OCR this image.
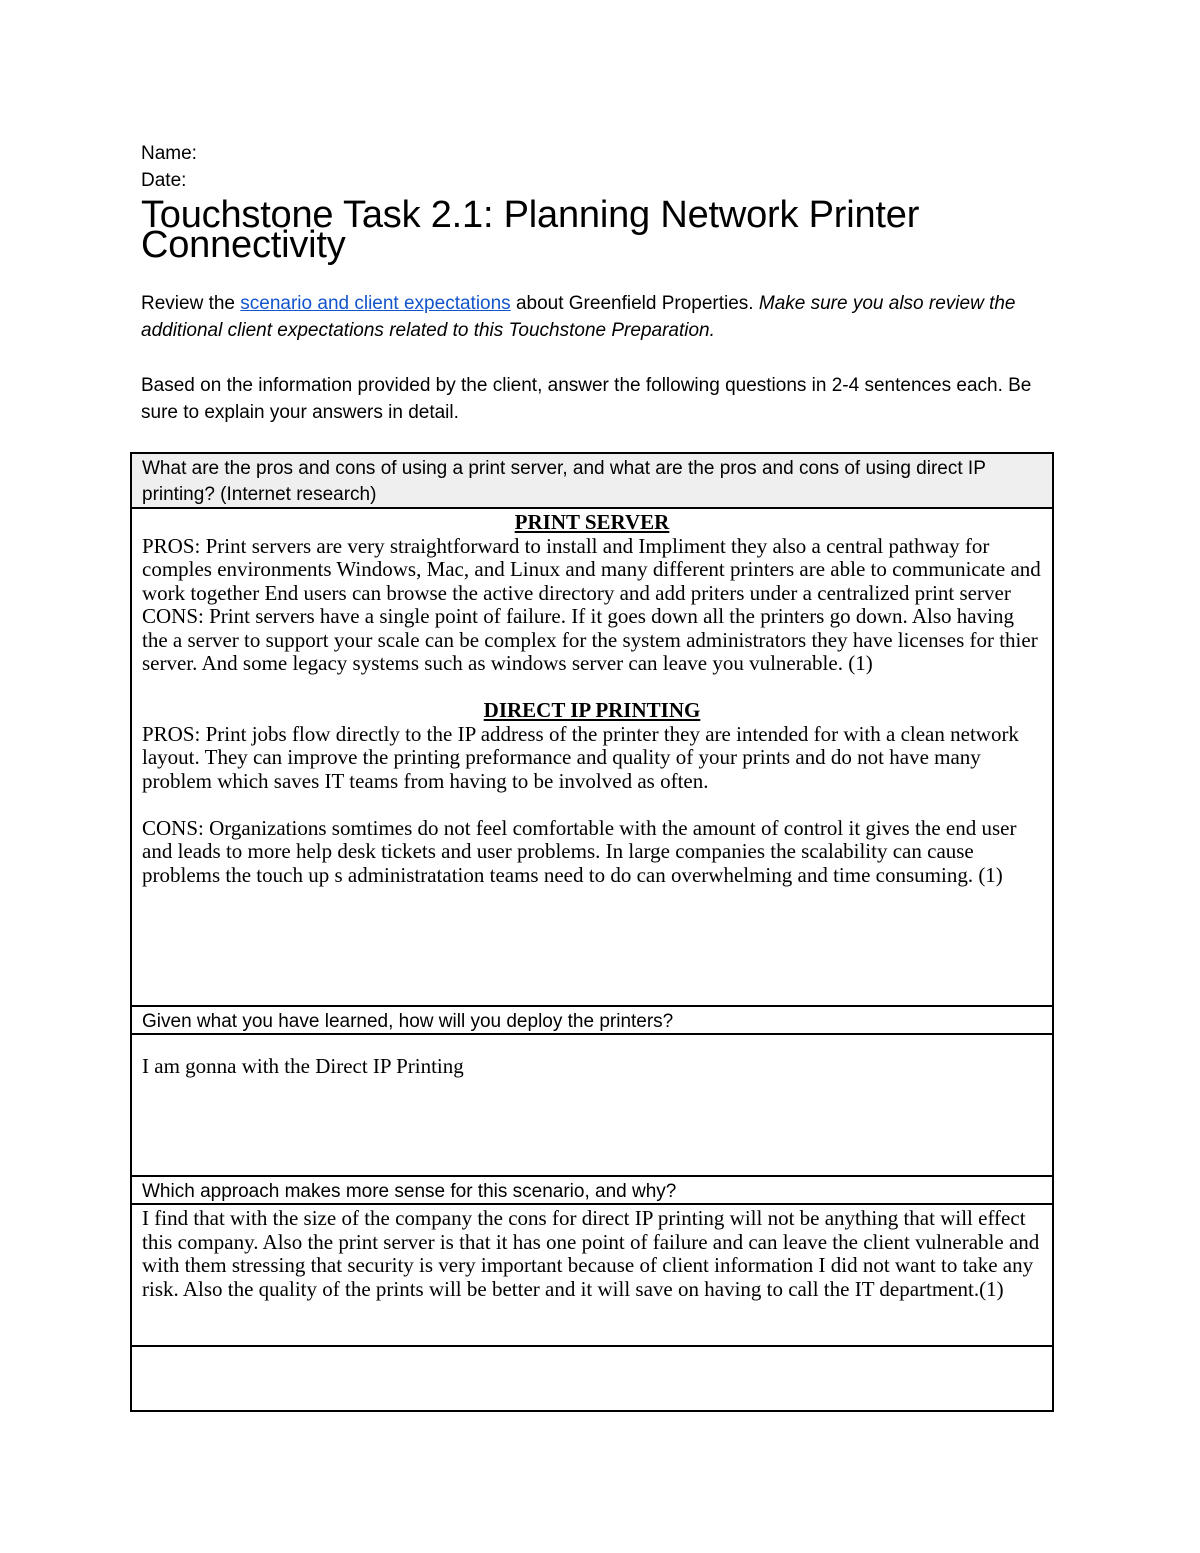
Name:
Date:
Touchstone Task 2.1: Planning Network Printer Connectivity
Review the scenario and client expectations about Greenfield Properties. Make sure you also review the additional client expectations related to this Touchstone Preparation.
Based on the information provided by the client, answer the following questions in 2-4 sentences each. Be sure to explain your answers in detail.
What are the pros and cons of using a print server, and what are the pros and cons of using direct IP printing? (Internet research)
PRINT SERVER
PROS: Print servers are very straightforward to install and Impliment they also a central pathway for comples environments Windows, Mac, and Linux and many different printers are able to communicate and work together End users can browse the active directory and add priters under a centralized print server
CONS: Print servers have a single point of failure. If it goes down all the printers go down. Also having the a server to support your scale can be complex for the system administrators they have licenses for thier server. And some legacy systems such as windows server can leave you vulnerable. (1)
DIRECT IP PRINTING
PROS: Print jobs flow directly to the IP address of the printer they are intended for with a clean network layout. They can improve the printing preformance and quality of your prints and do not have many problem which saves IT teams from having to be involved as often.
CONS: Organizations somtimes do not feel comfortable with the amount of control it gives the end user and leads to more help desk tickets and user problems. In large companies the scalability can cause problems the touch up s administratation teams need to do can overwhelming and time consuming. (1)
Given what you have learned, how will you deploy the printers?
I am gonna with the Direct IP Printing
Which approach makes more sense for this scenario, and why?
I find that with the size of the company the cons for direct IP printing will not be anything that will effect this company. Also the print server is that it has one point of failure and can leave the client vulnerable and with them stressing that security is very important because of client information I did not want to take any risk. Also the quality of the prints will be better and it will save on having to call the IT department.(1)
